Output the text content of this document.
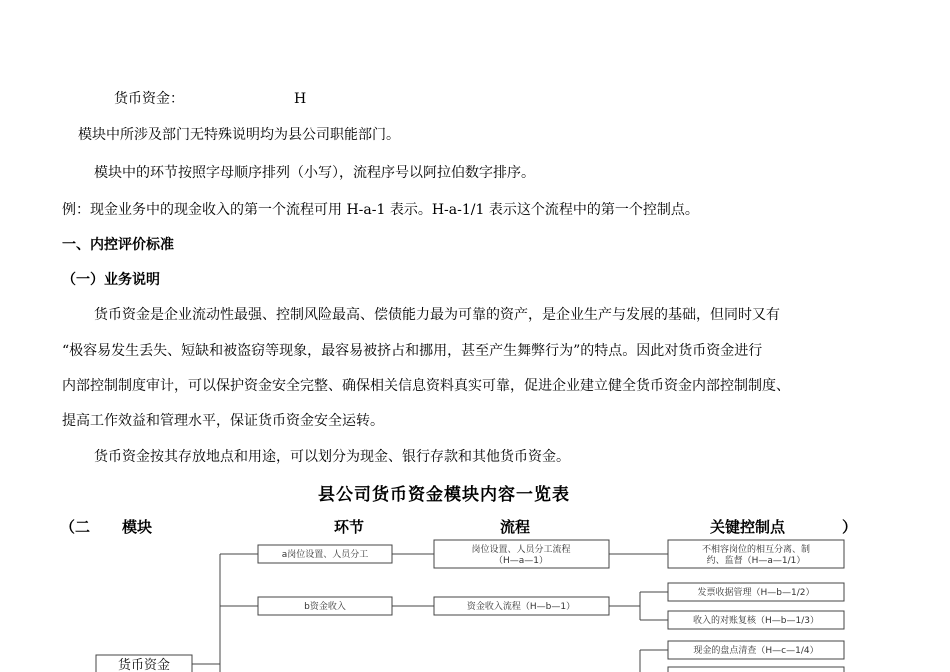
货币资金：	H
模块中所涉及部门无特殊说明均为县公司职能部门。
模块中的环节按照字母顺序排列（小写），流程序号以阿拉伯数字排序。
例：现金业务中的现金收入的第一个流程可用 H-a-1 表示。H-a-1/1 表示这个流程中的第一个控制点。
一、内控评价标准
（一）业务说明
货币资金是企业流动性最强、控制风险最高、偿债能力最为可靠的资产，是企业生产与发展的基础，但同时又有
“极容易发生丢失、短缺和被盗窃等现象，最容易被挤占和挪用，甚至产生舞弊行为”的特点。因此对货币资金进行
内部控制制度审计，可以保护资金安全完整、确保相关信息资料真实可靠，促进企业建立健全货币资金内部控制制度、
提高工作效益和管理水平，保证货币资金安全运转。
货币资金按其存放地点和用途，可以划分为现金、银行存款和其他货币资金。
县公司货币资金模块内容一览表
（二 模块	环节	流程	关键控制点	）
货币资金
a岗位设置、人员分工
b资金收入
岗位设置、人员分工流程
（H—a—1）
资金收入流程（H—b—1）
不相容岗位的相互分离、制
约、监督（H—a—1/1）
发票收据管理（H—b—1/2）
收入的对账复核（H—b—1/3）
现金的盘点清查（H—c—1/4）
